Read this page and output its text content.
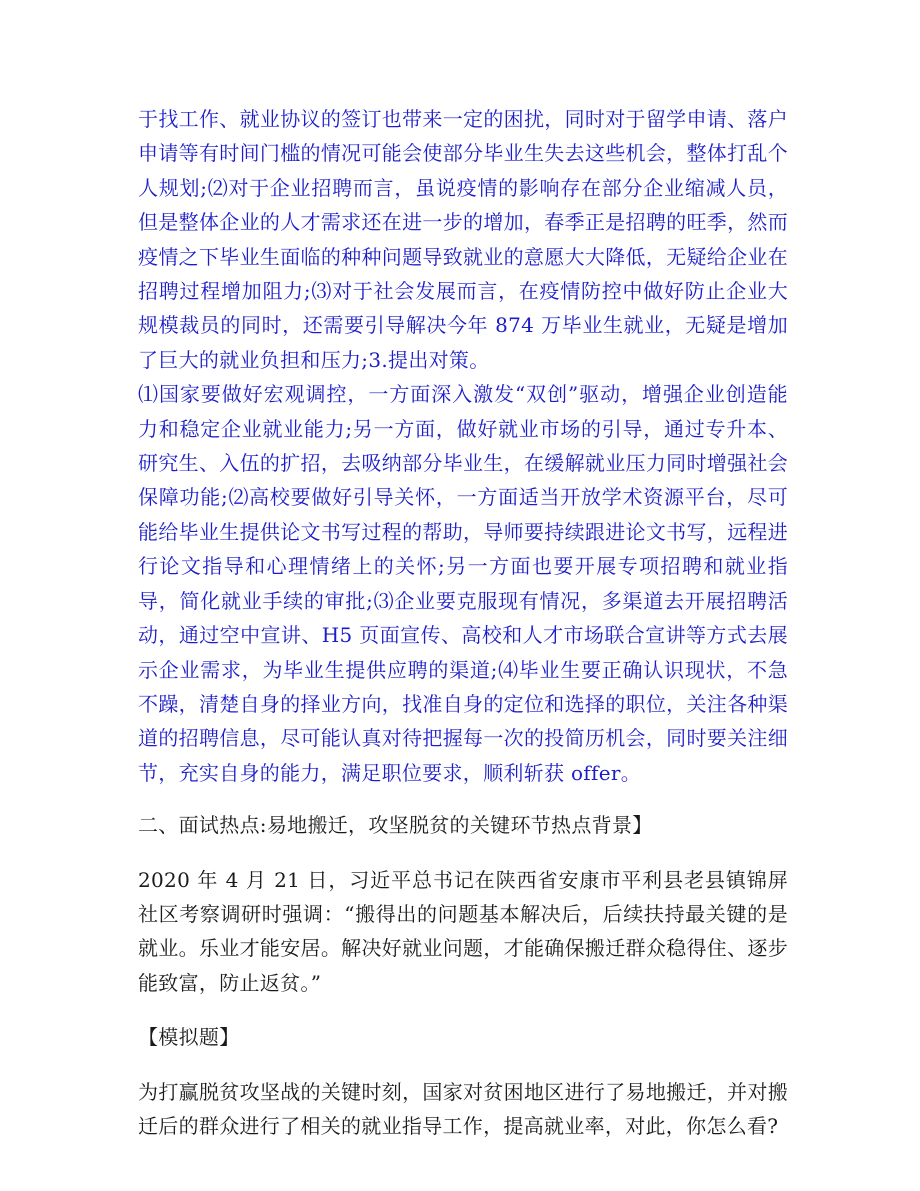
于找工作、就业协议的签订也带来一定的困扰，同时对于留学申请、落户申请等有时间门槛的情况可能会使部分毕业生失去这些机会，整体打乱个人规划;⑵对于企业招聘而言，虽说疫情的影响存在部分企业缩减人员，但是整体企业的人才需求还在进一步的增加，春季正是招聘的旺季，然而疫情之下毕业生面临的种种问题导致就业的意愿大大降低，无疑给企业在招聘过程增加阻力;⑶对于社会发展而言，在疫情防控中做好防止企业大规模裁员的同时，还需要引导解决今年 874 万毕业生就业，无疑是增加了巨大的就业负担和压力;3.提出对策。

⑴国家要做好宏观调控，一方面深入激发“双创”驱动，增强企业创造能力和稳定企业就业能力;另一方面，做好就业市场的引导，通过专升本、研究生、入伍的扩招，去吸纳部分毕业生，在缓解就业压力同时增强社会保障功能;⑵高校要做好引导关怀，一方面适当开放学术资源平台，尽可能给毕业生提供论文书写过程的帮助，导师要持续跟进论文书写，远程进行论文指导和心理情绪上的关怀;另一方面也要开展专项招聘和就业指导，简化就业手续的审批;⑶企业要克服现有情况，多渠道去开展招聘活动，通过空中宣讲、H5 页面宣传、高校和人才市场联合宣讲等方式去展示企业需求，为毕业生提供应聘的渠道;⑷毕业生要正确认识现状，不急不躁，清楚自身的择业方向，找准自身的定位和选择的职位，关注各种渠道的招聘信息，尽可能认真对待把握每一次的投简历机会，同时要关注细节，充实自身的能力，满足职位要求，顺利斩获 offer。

二、面试热点:易地搬迁，攻坚脱贫的关键环节热点背景】

2020 年 4 月 21 日，习近平总书记在陕西省安康市平利县老县镇锦屏社区考察调研时强调：“搬得出的问题基本解决后，后续扶持最关键的是就业。乐业才能安居。解决好就业问题，才能确保搬迁群众稳得住、逐步能致富，防止返贫。”

【模拟题】

为打赢脱贫攻坚战的关键时刻，国家对贫困地区进行了易地搬迁，并对搬迁后的群众进行了相关的就业指导工作，提高就业率，对此，你怎么看?
